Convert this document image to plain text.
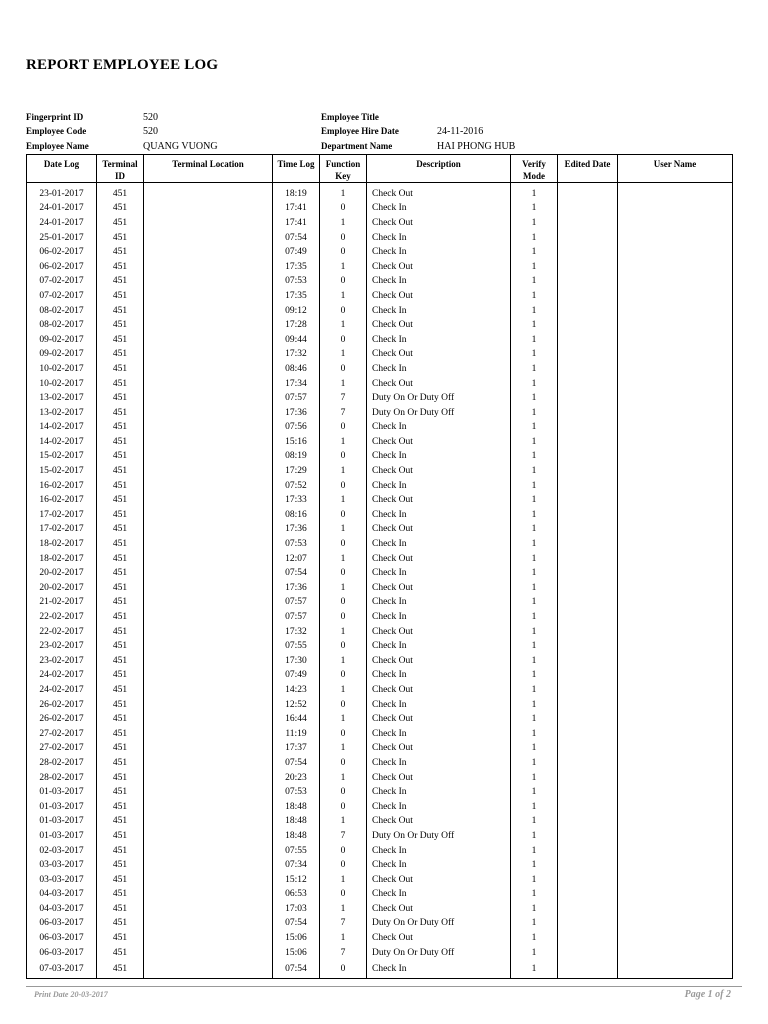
REPORT EMPLOYEE LOG
Fingerprint ID	520
Employee Code	520
Employee Name	QUANG VUONG
Employee Title
Employee Hire Date	24-11-2016
Department Name	HAI PHONG HUB
Date Log	Terminal ID	Terminal Location	Time Log	Function Key	Description	Verify Mode	Edited Date	User Name
23-01-2017	451		18:19	1	Check Out	1		
24-01-2017	451		17:41	0	Check In	1		
24-01-2017	451		17:41	1	Check Out	1		
25-01-2017	451		07:54	0	Check In	1		
06-02-2017	451		07:49	0	Check In	1		
06-02-2017	451		17:35	1	Check Out	1		
07-02-2017	451		07:53	0	Check In	1		
07-02-2017	451		17:35	1	Check Out	1		
08-02-2017	451		09:12	0	Check In	1		
08-02-2017	451		17:28	1	Check Out	1		
09-02-2017	451		09:44	0	Check In	1		
09-02-2017	451		17:32	1	Check Out	1		
10-02-2017	451		08:46	0	Check In	1		
10-02-2017	451		17:34	1	Check Out	1		
13-02-2017	451		07:57	7	Duty On Or Duty Off	1		
13-02-2017	451		17:36	7	Duty On Or Duty Off	1		
14-02-2017	451		07:56	0	Check In	1		
14-02-2017	451		15:16	1	Check Out	1		
15-02-2017	451		08:19	0	Check In	1		
15-02-2017	451		17:29	1	Check Out	1		
16-02-2017	451		07:52	0	Check In	1		
16-02-2017	451		17:33	1	Check Out	1		
17-02-2017	451		08:16	0	Check In	1		
17-02-2017	451		17:36	1	Check Out	1		
18-02-2017	451		07:53	0	Check In	1		
18-02-2017	451		12:07	1	Check Out	1		
20-02-2017	451		07:54	0	Check In	1		
20-02-2017	451		17:36	1	Check Out	1		
21-02-2017	451		07:57	0	Check In	1		
22-02-2017	451		07:57	0	Check In	1		
22-02-2017	451		17:32	1	Check Out	1		
23-02-2017	451		07:55	0	Check In	1		
23-02-2017	451		17:30	1	Check Out	1		
24-02-2017	451		07:49	0	Check In	1		
24-02-2017	451		14:23	1	Check Out	1		
26-02-2017	451		12:52	0	Check In	1		
26-02-2017	451		16:44	1	Check Out	1		
27-02-2017	451		11:19	0	Check In	1		
27-02-2017	451		17:37	1	Check Out	1		
28-02-2017	451		07:54	0	Check In	1		
28-02-2017	451		20:23	1	Check Out	1		
01-03-2017	451		07:53	0	Check In	1		
01-03-2017	451		18:48	0	Check In	1		
01-03-2017	451		18:48	1	Check Out	1		
01-03-2017	451		18:48	7	Duty On Or Duty Off	1		
02-03-2017	451		07:55	0	Check In	1		
03-03-2017	451		07:34	0	Check In	1		
03-03-2017	451		15:12	1	Check Out	1		
04-03-2017	451		06:53	0	Check In	1		
04-03-2017	451		17:03	1	Check Out	1		
06-03-2017	451		07:54	7	Duty On Or Duty Off	1		
06-03-2017	451		15:06	1	Check Out	1		
06-03-2017	451		15:06	7	Duty On Or Duty Off	1		
07-03-2017	451		07:54	0	Check In	1		
Print Date 20-03-2017	Page 1 of 2
